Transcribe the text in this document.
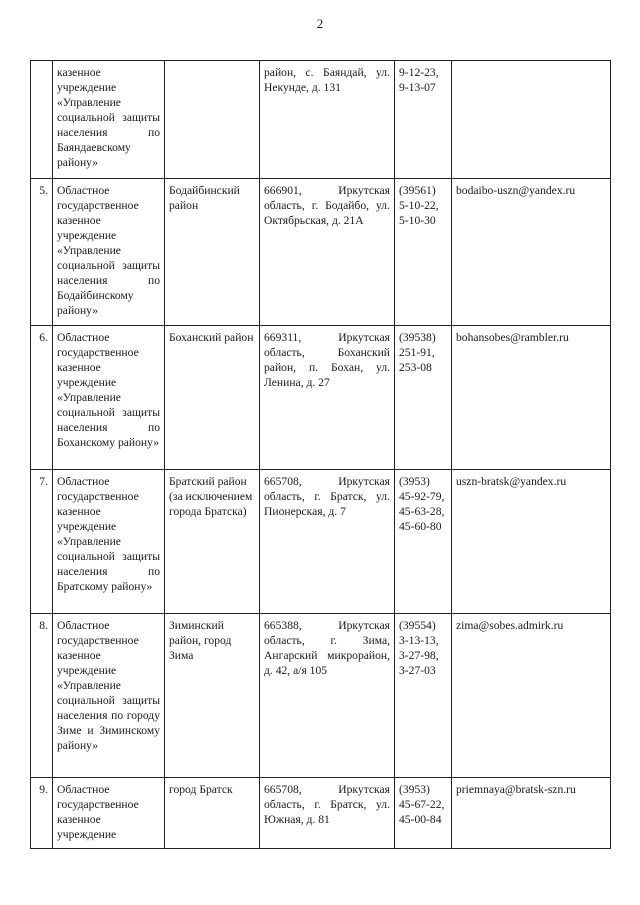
2
	казенное учреждение «Управление социальной защиты населения по Баяндаевскому району»		район, с. Баяндай, ул. Некунде, д. 131	9-12-23, 9-13-07	
5.	Областное государственное казенное учреждение «Управление социальной защиты населения по Бодайбинскому району»	Бодайбинский район	666901, Иркутская область, г. Бодайбо, ул. Октябрьская, д. 21А	(39561) 5-10-22, 5-10-30	bodaibo-uszn@yandex.ru
6.	Областное государственное казенное учреждение «Управление социальной защиты населения по Боханскому району»	Боханский район	669311, Иркутская область, Боханский район, п. Бохан, ул. Ленина, д. 27	(39538) 251-91, 253-08	bohansobes@rambler.ru
7.	Областное государственное казенное учреждение «Управление социальной защиты населения по Братскому району»	Братский район (за исключением города Братска)	665708, Иркутская область, г. Братск, ул. Пионерская, д. 7	(3953) 45-92-79, 45-63-28, 45-60-80	uszn-bratsk@yandex.ru
8.	Областное государственное казенное учреждение «Управление социальной защиты населения по городу Зиме и Зиминскому району»	Зиминский район, город Зима	665388, Иркутская область, г. Зима, Ангарский микрорайон, д. 42, а/я 105	(39554) 3-13-13, 3-27-98, 3-27-03	zima@sobes.admirk.ru
9.	Областное государственное казенное учреждение	город Братск	665708, Иркутская область, г. Братск, ул. Южная, д. 81	(3953) 45-67-22, 45-00-84	priemnaya@bratsk-szn.ru
